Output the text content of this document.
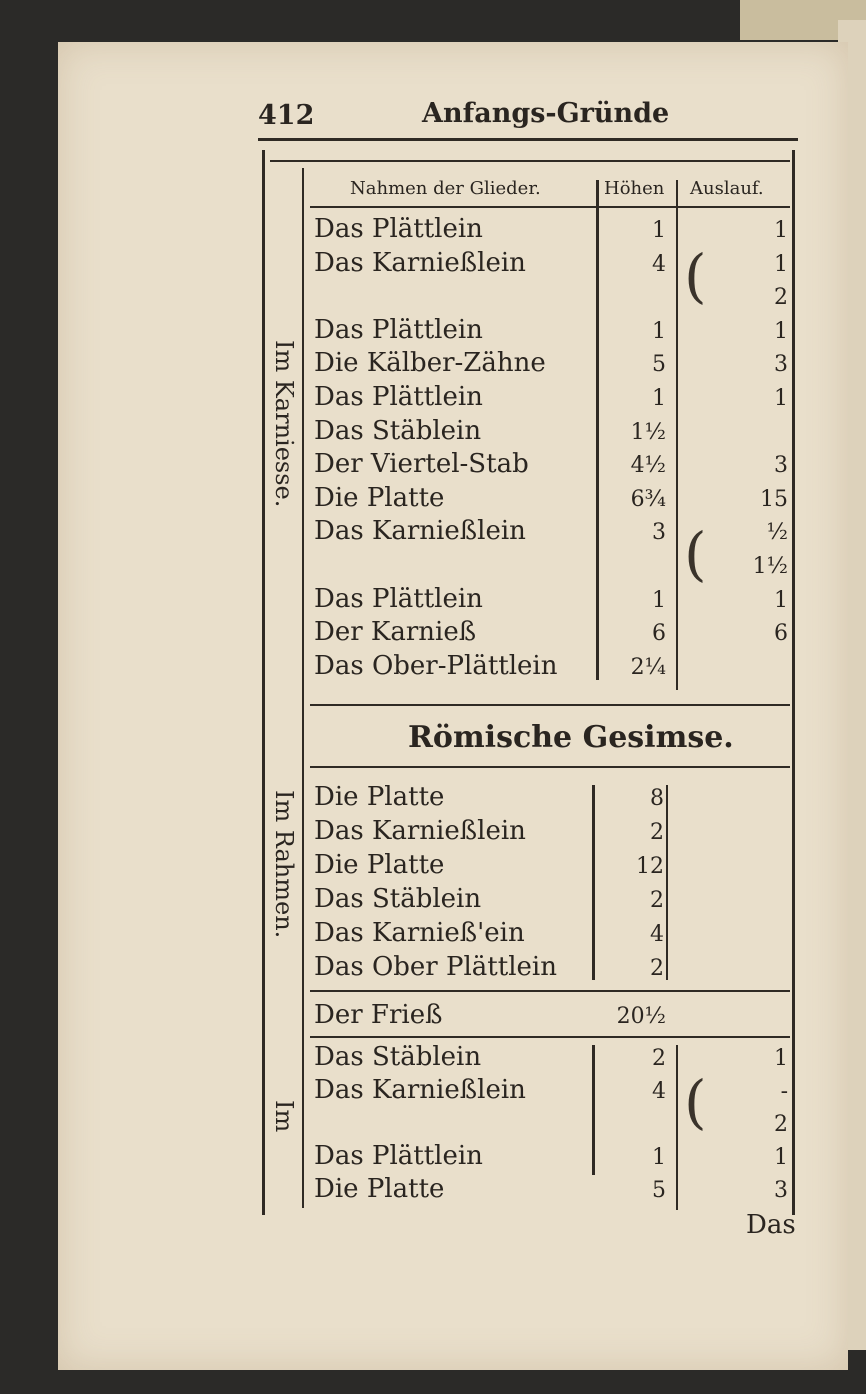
412	Anfangs-Gründe
Nahmen der Glieder.	Höhen Auslauf.
Im Karniesse.
Im Rahmen.
Im
Das Plättlein	1	1
Das Karnießlein	4	1
2
Das Plättlein	1	1
Die Kälber-Zähne	5	3
Das Plättlein	1	1
Das Stäblein	1½
Der Viertel-Stab	4½	3
Die Platte	6¾	15
Das Karnießlein	3	½
1½
Das Plättlein	1	1
Der Karnieß	6	6
Das Ober-Plättlein	2¼
(
(
(
Römische Gesimse.
Die Platte	8
Das Karnießlein	2
Die Platte	12
Das Stäblein	2
Das Karnieß'ein	4
Das Ober Plättlein	2
Der Frieß	20½
Das Stäblein	2	1
Das Karnießlein	4	-
2
Das Plättlein	1	1
Die Platte	5	3
Das
